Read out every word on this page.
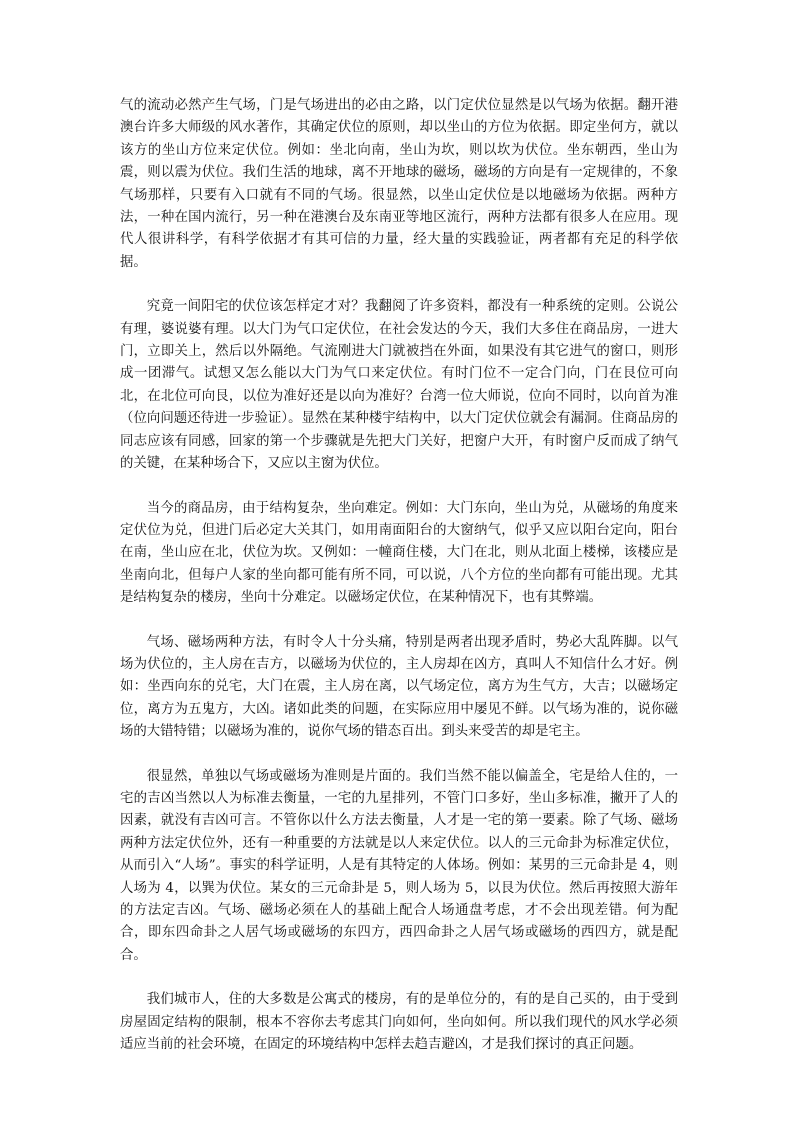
气的流动必然产生气场，门是气场进出的必由之路，以门定伏位显然是以气场为依据。翻开港澳台许多大师级的风水著作，其确定伏位的原则，却以坐山的方位为依据。即定坐何方，就以该方的坐山方位来定伏位。例如：坐北向南，坐山为坎，则以坎为伏位。坐东朝西，坐山为震，则以震为伏位。我们生活的地球，离不开地球的磁场，磁场的方向是有一定规律的，不象气场那样，只要有入口就有不同的气场。很显然，以坐山定伏位是以地磁场为依据。两种方法，一种在国内流行，另一种在港澳台及东南亚等地区流行，两种方法都有很多人在应用。现代人很讲科学，有科学依据才有其可信的力量，经大量的实践验证，两者都有充足的科学依据。

究竟一间阳宅的伏位该怎样定才对？我翻阅了许多资料，都没有一种系统的定则。公说公有理，婆说婆有理。以大门为气口定伏位，在社会发达的今天，我们大多住在商品房，一进大门，立即关上，然后以外隔绝。气流刚进大门就被挡在外面，如果没有其它进气的窗口，则形成一团滞气。试想又怎么能以大门为气口来定伏位。有时门位不一定合门向，门在艮位可向北，在北位可向艮，以位为准好还是以向为准好？台湾一位大师说，位向不同时，以向首为准（位向问题还待进一步验证）。显然在某种楼宇结构中，以大门定伏位就会有漏洞。住商品房的同志应该有同感，回家的第一个步骤就是先把大门关好，把窗户大开，有时窗户反而成了纳气的关键，在某种场合下，又应以主窗为伏位。

当今的商品房，由于结构复杂，坐向难定。例如：大门东向，坐山为兑，从磁场的角度来定伏位为兑，但进门后必定大关其门，如用南面阳台的大窗纳气，似乎又应以阳台定向，阳台在南，坐山应在北，伏位为坎。又例如：一幢商住楼，大门在北，则从北面上楼梯，该楼应是坐南向北，但每户人家的坐向都可能有所不同，可以说，八个方位的坐向都有可能出现。尤其是结构复杂的楼房，坐向十分难定。以磁场定伏位，在某种情况下，也有其弊端。

气场、磁场两种方法，有时令人十分头痛，特别是两者出现矛盾时，势必大乱阵脚。以气场为伏位的，主人房在吉方，以磁场为伏位的，主人房却在凶方，真叫人不知信什么才好。例如：坐西向东的兑宅，大门在震，主人房在离，以气场定位，离方为生气方，大吉；以磁场定位，离方为五鬼方，大凶。诸如此类的问题，在实际应用中屡见不鲜。以气场为准的，说你磁场的大错特错；以磁场为准的，说你气场的错态百出。到头来受苦的却是宅主。

很显然，单独以气场或磁场为准则是片面的。我们当然不能以偏盖全，宅是给人住的，一宅的吉凶当然以人为标准去衡量，一宅的九星排列，不管门口多好，坐山多标准，撇开了人的因素，就没有吉凶可言。不管你以什么方法去衡量，人才是一宅的第一要素。除了气场、磁场两种方法定伏位外，还有一种重要的方法就是以人来定伏位。以人的三元命卦为标准定伏位，从而引入“人场”。事实的科学证明，人是有其特定的人体场。例如：某男的三元命卦是 4，则人场为 4，以巽为伏位。某女的三元命卦是 5，则人场为 5，以艮为伏位。然后再按照大游年的方法定吉凶。气场、磁场必须在人的基础上配合人场通盘考虑，才不会出现差错。何为配合，即东四命卦之人居气场或磁场的东四方，西四命卦之人居气场或磁场的西四方，就是配合。

我们城市人，住的大多数是公寓式的楼房，有的是单位分的，有的是自己买的，由于受到房屋固定结构的限制，根本不容你去考虑其门向如何，坐向如何。所以我们现代的风水学必须适应当前的社会环境，在固定的环境结构中怎样去趋吉避凶，才是我们探讨的真正问题。
